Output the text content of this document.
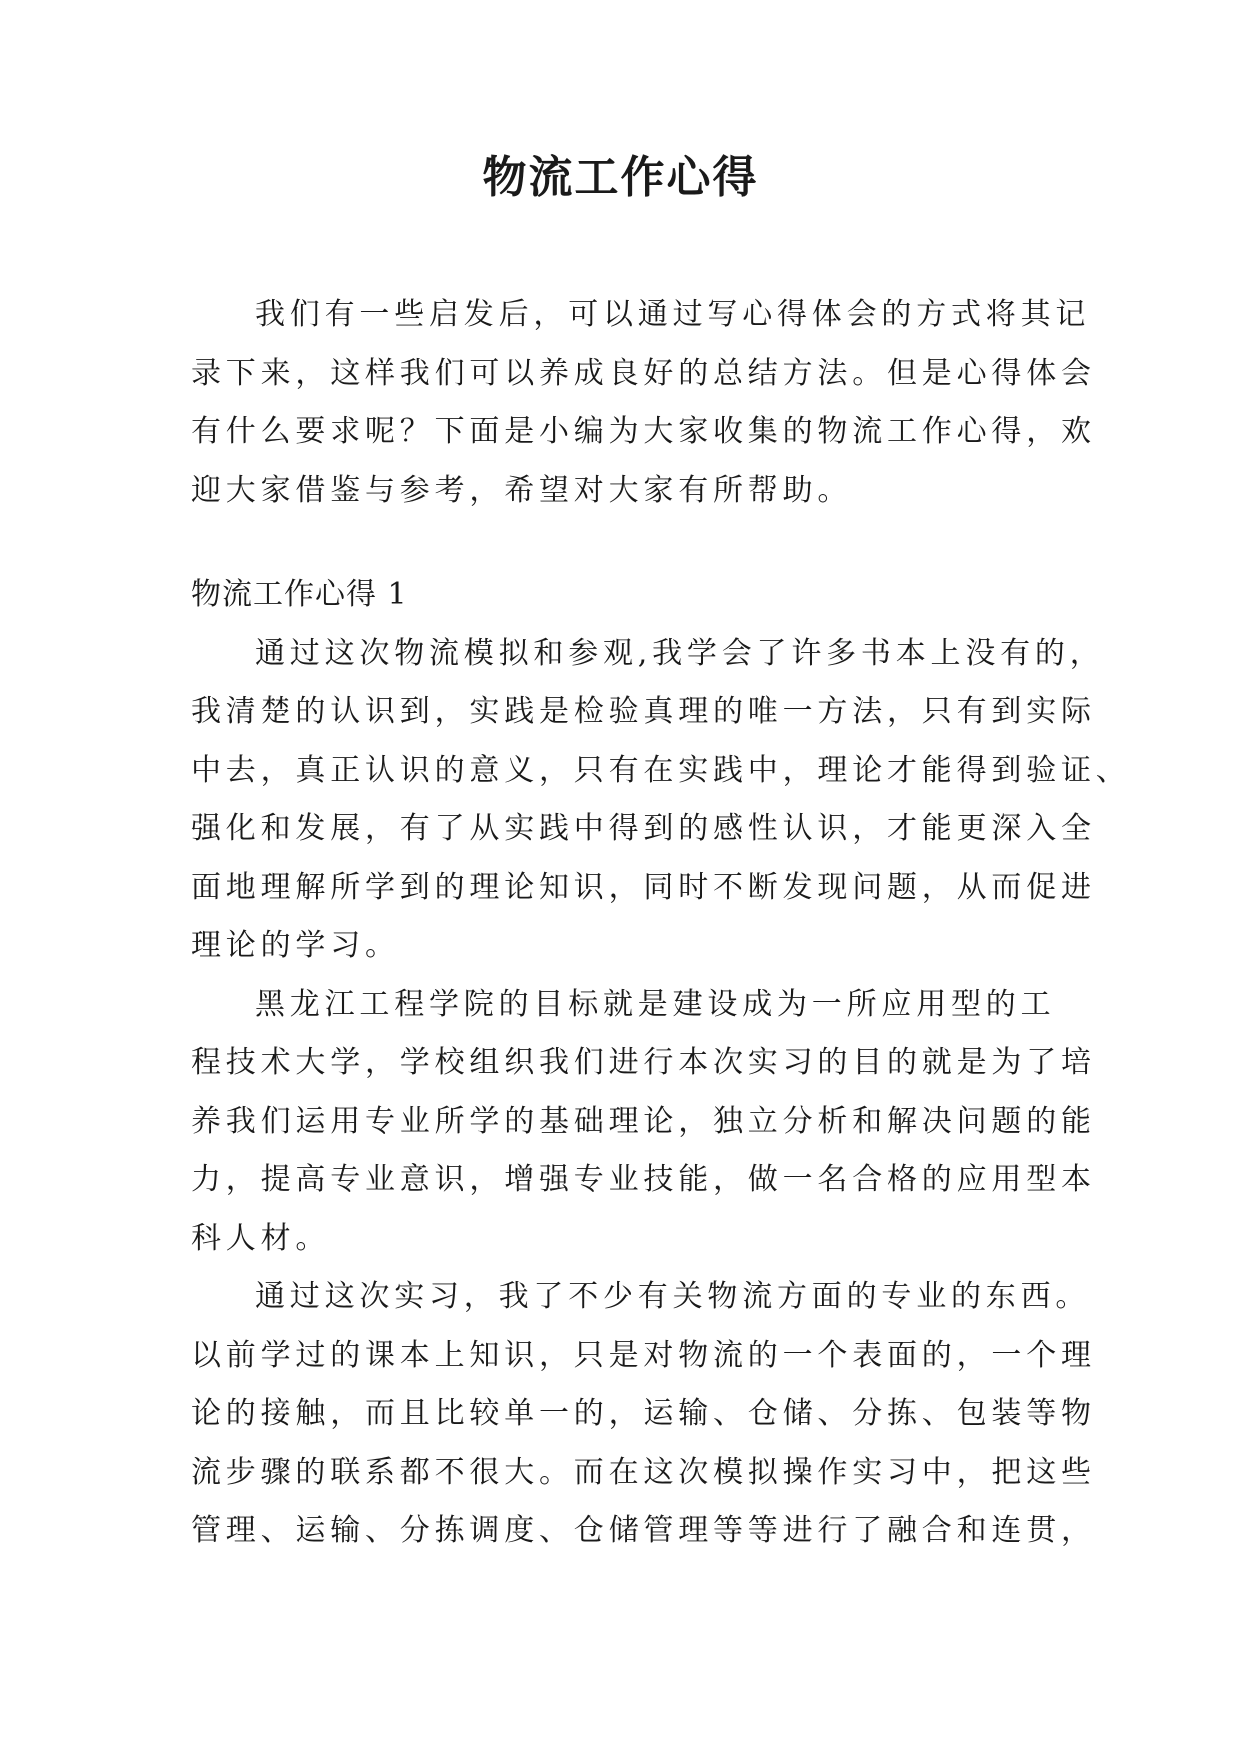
物流工作心得

我们有一些启发后，可以通过写心得体会的方式将其记
录下来，这样我们可以养成良好的总结方法。但是心得体会
有什么要求呢？下面是小编为大家收集的物流工作心得，欢
迎大家借鉴与参考，希望对大家有所帮助。

物流工作心得 1

通过这次物流模拟和参观,我学会了许多书本上没有的，
我清楚的认识到，实践是检验真理的唯一方法，只有到实际
中去，真正认识的意义，只有在实践中，理论才能得到验证、
强化和发展，有了从实践中得到的感性认识，才能更深入全
面地理解所学到的理论知识，同时不断发现问题，从而促进
理论的学习。

黑龙江工程学院的目标就是建设成为一所应用型的工
程技术大学，学校组织我们进行本次实习的目的就是为了培
养我们运用专业所学的基础理论，独立分析和解决问题的能
力，提高专业意识，增强专业技能，做一名合格的应用型本
科人材。

通过这次实习，我了不少有关物流方面的专业的东西。
以前学过的课本上知识，只是对物流的一个表面的，一个理
论的接触，而且比较单一的，运输、仓储、分拣、包装等物
流步骤的联系都不很大。而在这次模拟操作实习中，把这些
管理、运输、分拣调度、仓储管理等等进行了融合和连贯，
